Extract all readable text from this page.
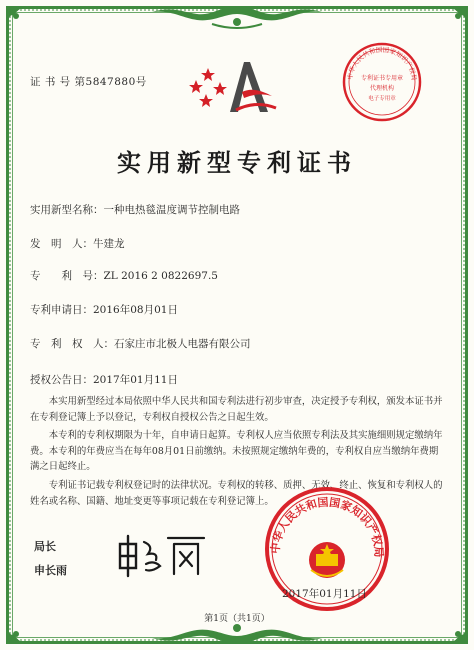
证 书 号 第5847880号	中华人民共和国国家知识产权局
专利证书专用章
代理机构
电子专用章
实用新型专利证书
实用新型名称：一种电热毯温度调节控制电路
发　明　人：牛建龙
专　　利　号：ZL 2016 2 0822697.5
专利申请日：2016年08月01日
专　利　权　人：石家庄市北极人电器有限公司
授权公告日：2017年01月11日

本实用新型经过本局依照中华人民共和国专利法进行初步审查，决定授予专利权，颁发本证书并在专利登记簿上予以登记，专利权自授权公告之日起生效。

本专利的专利权期限为十年，自申请日起算。专利权人应当依照专利法及其实施细则规定缴纳年费。本专利的年费应当在每年08月01日前缴纳。未按照规定缴纳年费的，专利权自应当缴纳年费期满之日起终止。

专利证书记载专利权登记时的法律状况。专利权的转移、质押、无效、终止、恢复和专利权人的姓名或名称、国籍、地址变更等事项记载在专利登记簿上。

局长
申长雨
中华人民共和国国家知识产权局
2017年01月11日
第1页（共1页）
